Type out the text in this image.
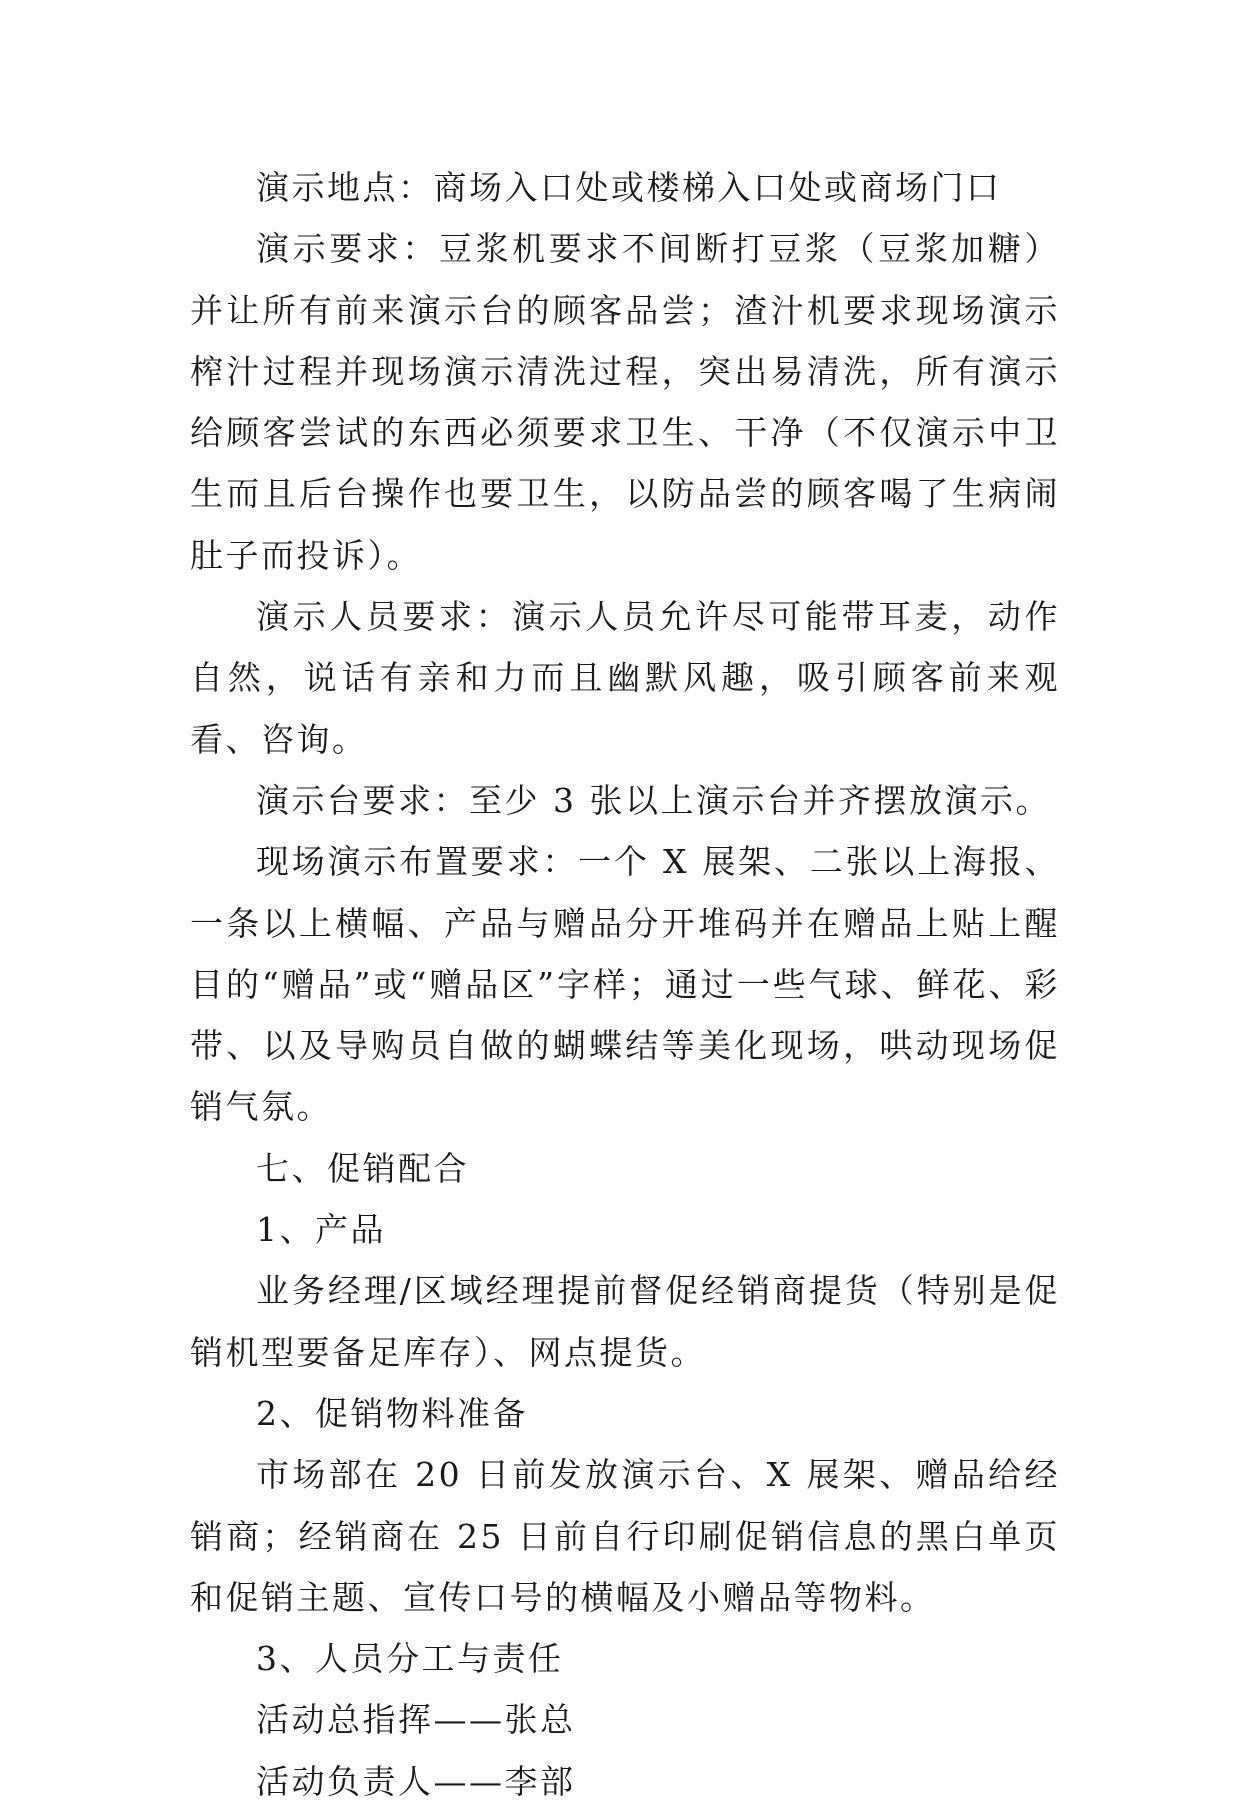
演示地点：商场入口处或楼梯入口处或商场门口

演示要求：豆浆机要求不间断打豆浆（豆浆加糖）并让所有前来演示台的顾客品尝；渣汁机要求现场演示榨汁过程并现场演示清洗过程，突出易清洗，所有演示给顾客尝试的东西必须要求卫生、干净（不仅演示中卫生而且后台操作也要卫生，以防品尝的顾客喝了生病闹肚子而投诉）。

演示人员要求：演示人员允许尽可能带耳麦，动作自然，说话有亲和力而且幽默风趣，吸引顾客前来观看、咨询。

演示台要求：至少 3 张以上演示台并齐摆放演示。

现场演示布置要求：一个 X 展架、二张以上海报、一条以上横幅、产品与赠品分开堆码并在赠品上贴上醒目的“赠品”或“赠品区”字样；通过一些气球、鲜花、彩带、以及导购员自做的蝴蝶结等美化现场，哄动现场促销气氛。

七、促销配合

1、产品

业务经理/区域经理提前督促经销商提货（特别是促销机型要备足库存）、网点提货。

2、促销物料准备

市场部在 20 日前发放演示台、X 展架、赠品给经销商；经销商在 25 日前自行印刷促销信息的黑白单页和促销主题、宣传口号的横幅及小赠品等物料。

3、人员分工与责任

活动总指挥——张总

活动负责人——李部
